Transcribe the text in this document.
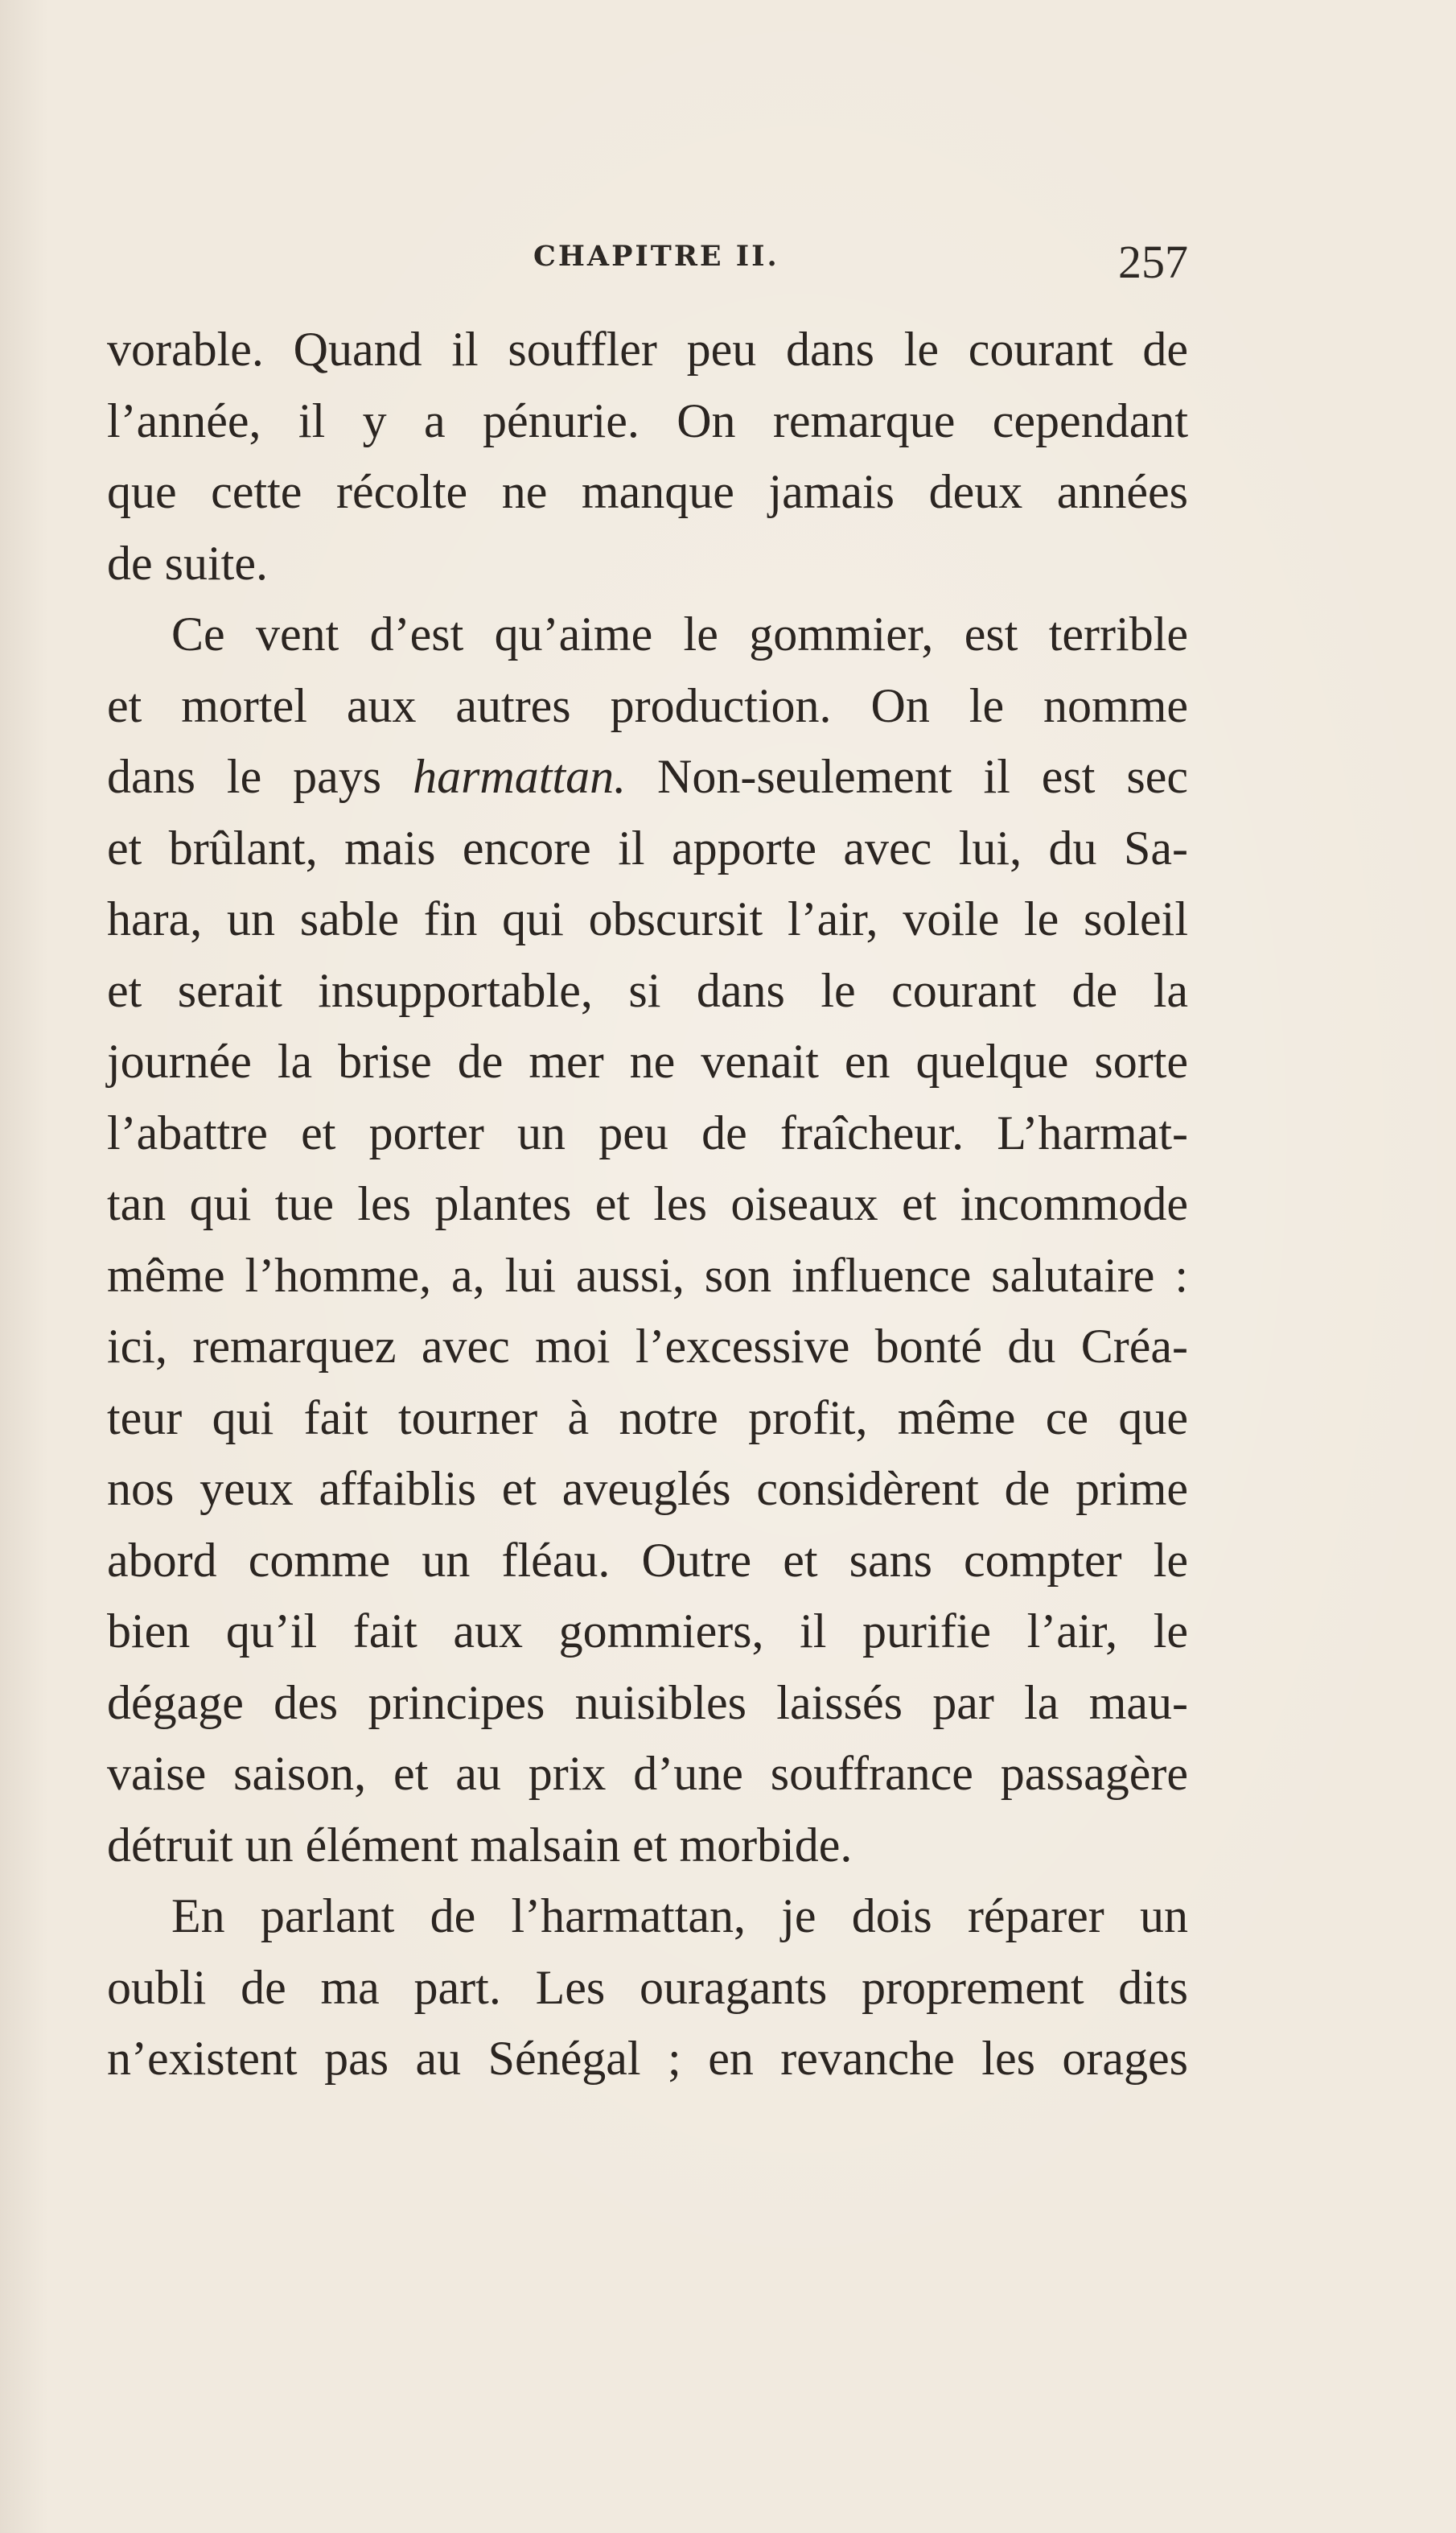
CHAPITRE II.	257
vorable. Quand il souffler peu dans le courant de
l’année, il y a pénurie. On remarque cependant
que cette récolte ne manque jamais deux années
de suite.
Ce vent d’est qu’aime le gommier, est terrible
et mortel aux autres production. On le nomme
dans le pays harmattan. Non-seulement il est sec
et brûlant, mais encore il apporte avec lui, du Sa-
hara, un sable fin qui obscursit l’air, voile le soleil
et serait insupportable, si dans le courant de la
journée la brise de mer ne venait en quelque sorte
l’abattre et porter un peu de fraîcheur. L’harmat-
tan qui tue les plantes et les oiseaux et incommode
même l’homme, a, lui aussi, son influence salutaire :
ici, remarquez avec moi l’excessive bonté du Créa-
teur qui fait tourner à notre profit, même ce que
nos yeux affaiblis et aveuglés considèrent de prime
abord comme un fléau. Outre et sans compter le
bien qu’il fait aux gommiers, il purifie l’air, le
dégage des principes nuisibles laissés par la mau-
vaise saison, et au prix d’une souffrance passagère
détruit un élément malsain et morbide.
En parlant de l’harmattan, je dois réparer un
oubli de ma part. Les ouragants proprement dits
n’existent pas au Sénégal ; en revanche les orages
